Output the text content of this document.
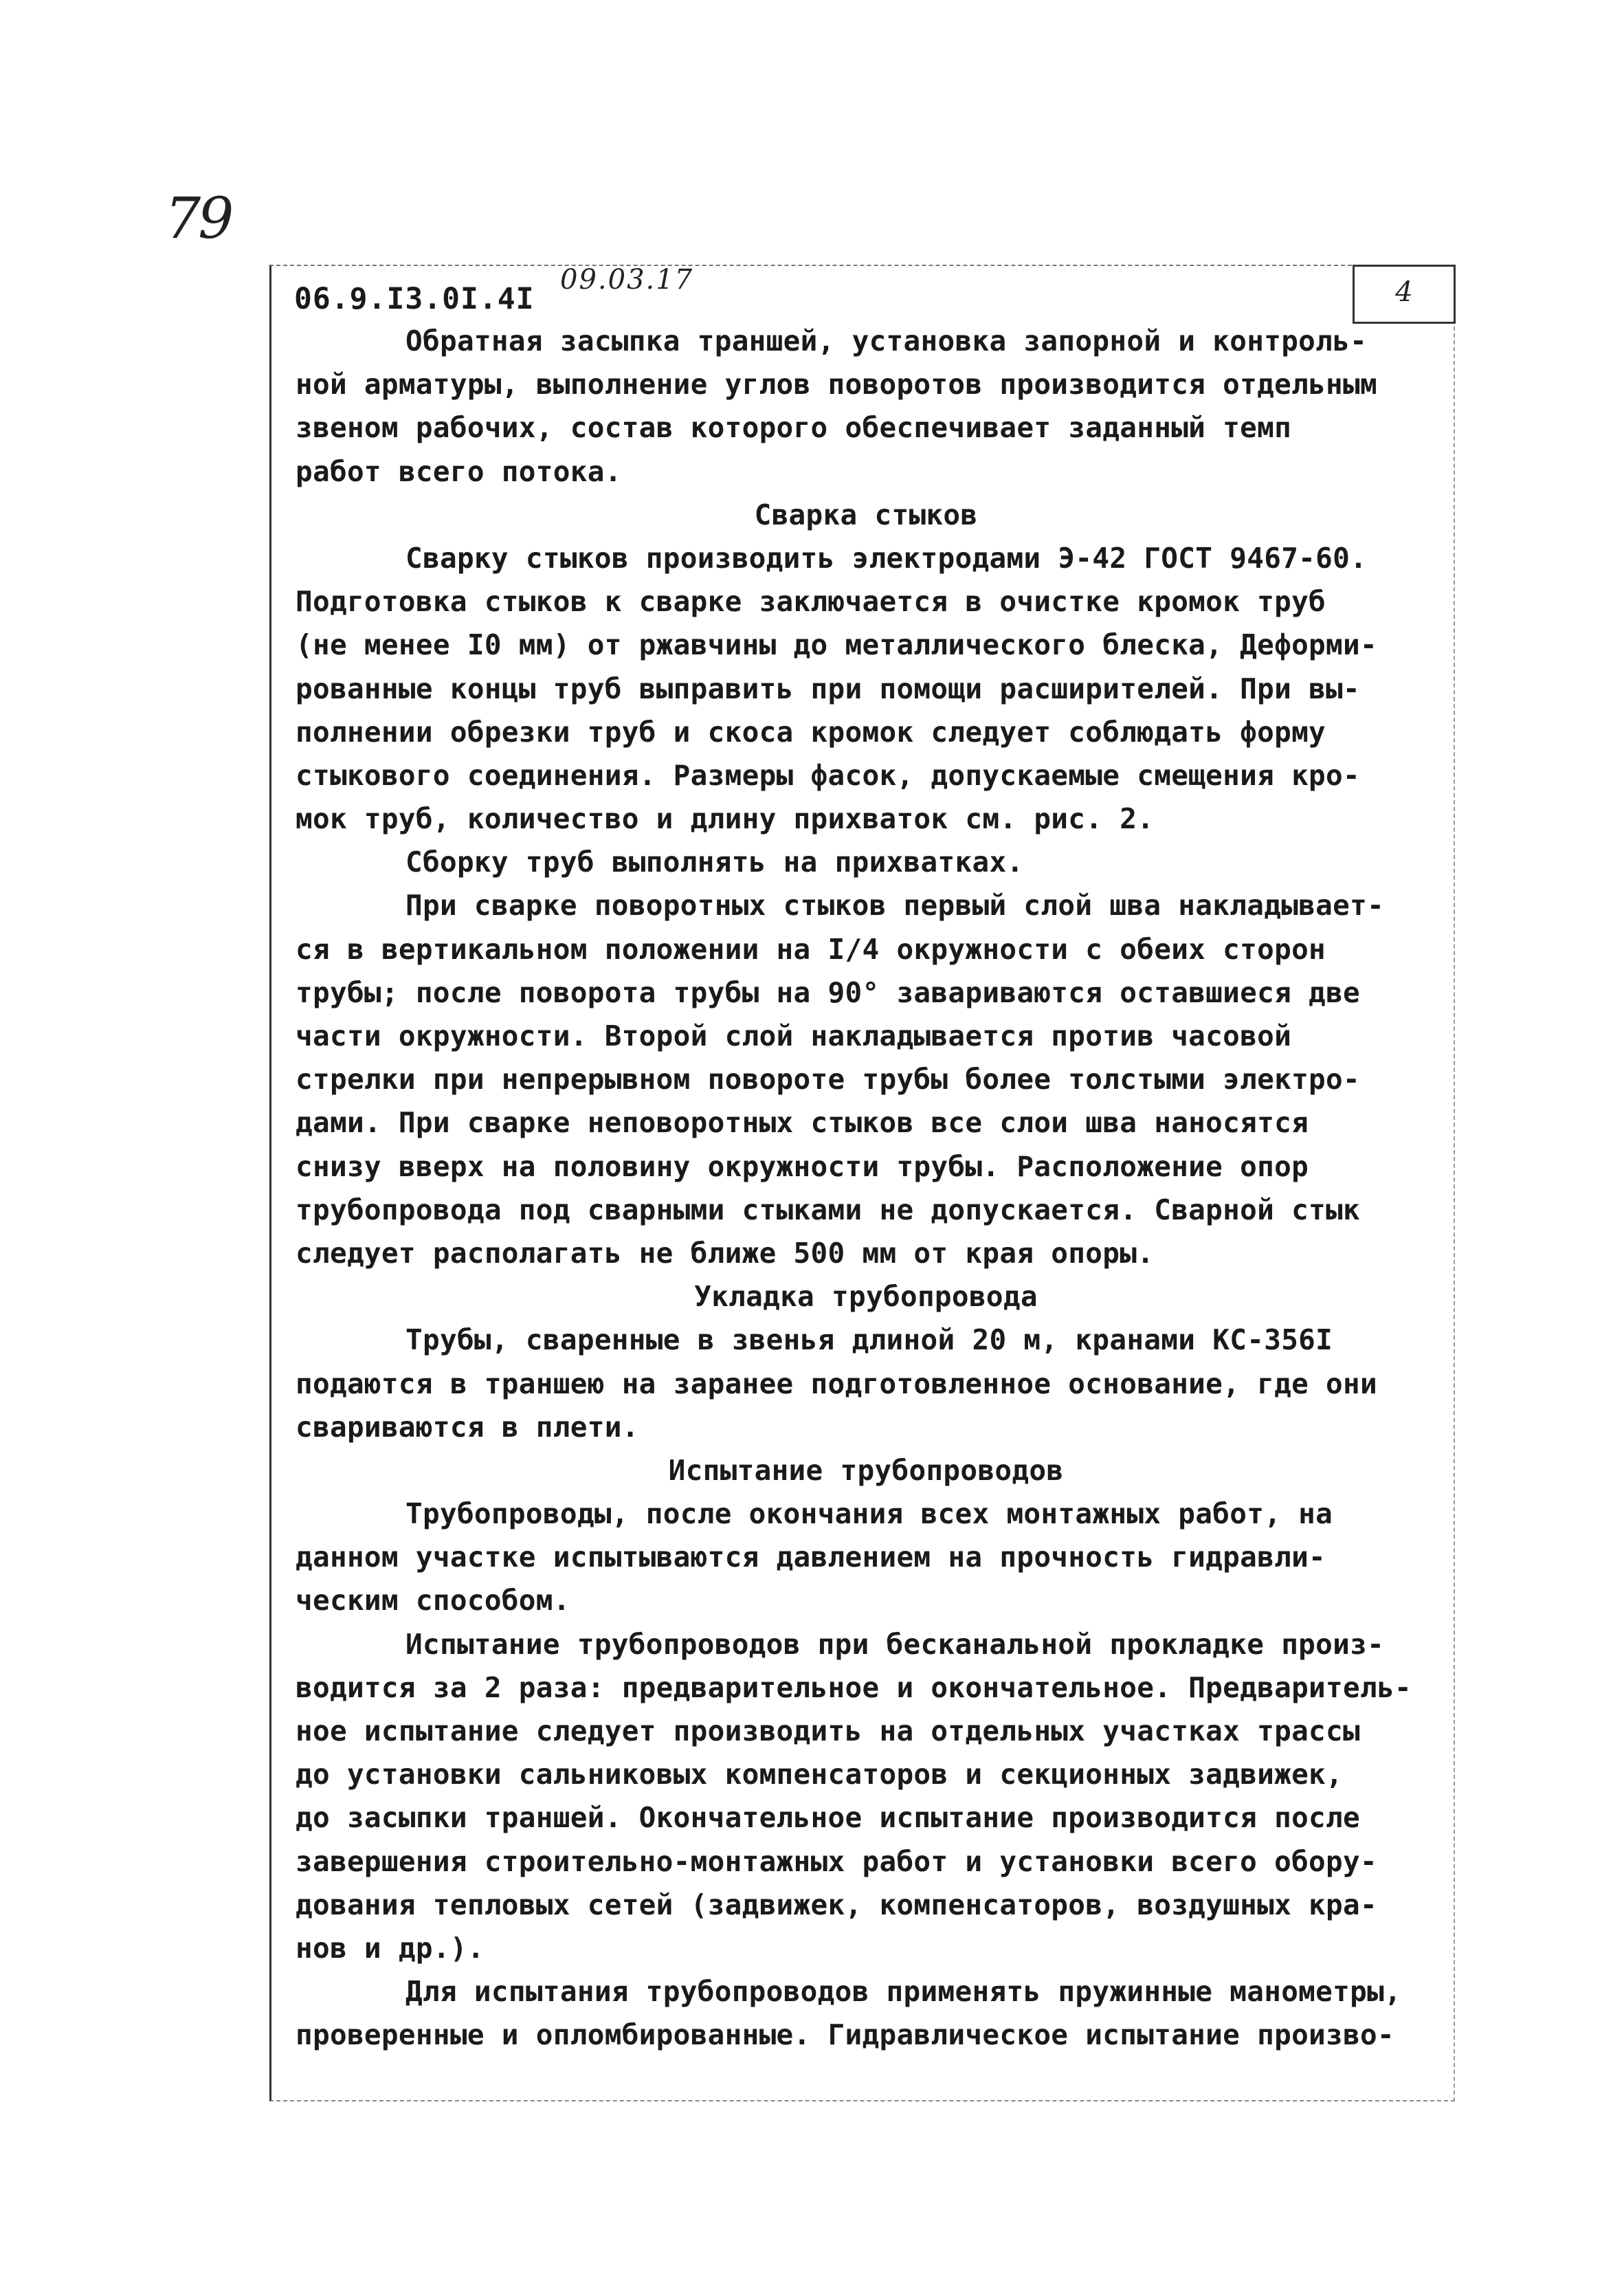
79
4
06.9.I3.0I.4I
09.03.17
Обратная засыпка траншей, установка запорной и контроль-
ной арматуры, выполнение углов поворотов производится отдельным
звеном рабочих, состав которого обеспечивает заданный темп
работ всего потока.
Сварка стыков
Сварку стыков производить электродами Э-42 ГОСТ 9467-60.
Подготовка стыков к сварке заключается в очистке кромок труб
(не менее I0 мм) от ржавчины до металлического блеска, Деформи-
рованные концы труб выправить при помощи расширителей. При вы-
полнении обрезки труб и скоса кромок следует соблюдать форму
стыкового соединения. Размеры фасок, допускаемые смещения кро-
мок труб, количество и длину прихваток см. рис. 2.
Сборку труб выполнять на прихватках.
При сварке поворотных стыков первый слой шва накладывает-
ся в вертикальном положении на I/4 окружности с обеих сторон
трубы; после поворота трубы на 90° завариваются оставшиеся две
части окружности. Второй слой накладывается против часовой
стрелки при непрерывном повороте трубы более толстыми электро-
дами. При сварке неповоротных стыков все слои шва наносятся
снизу вверх на половину окружности трубы. Расположение опор
трубопровода под сварными стыками не допускается. Сварной стык
следует располагать не ближе 500 мм от края опоры.
Укладка трубопровода
Трубы, сваренные в звенья длиной 20 м, кранами КС-356I
подаются в траншею на заранее подготовленное основание, где они
свариваются в плети.
Испытание трубопроводов
Трубопроводы, после окончания всех монтажных работ, на
данном участке испытываются давлением на прочность гидравли-
ческим способом.
Испытание трубопроводов при бесканальной прокладке произ-
водится за 2 раза: предварительное и окончательное. Предваритель-
ное испытание следует производить на отдельных участках трассы
до установки сальниковых компенсаторов и секционных задвижек,
до засыпки траншей. Окончательное испытание производится после
завершения строительно-монтажных работ и установки всего обору-
дования тепловых сетей (задвижек, компенсаторов, воздушных кра-
нов и др.).
Для испытания трубопроводов применять пружинные манометры,
проверенные и опломбированные. Гидравлическое испытание произво-
